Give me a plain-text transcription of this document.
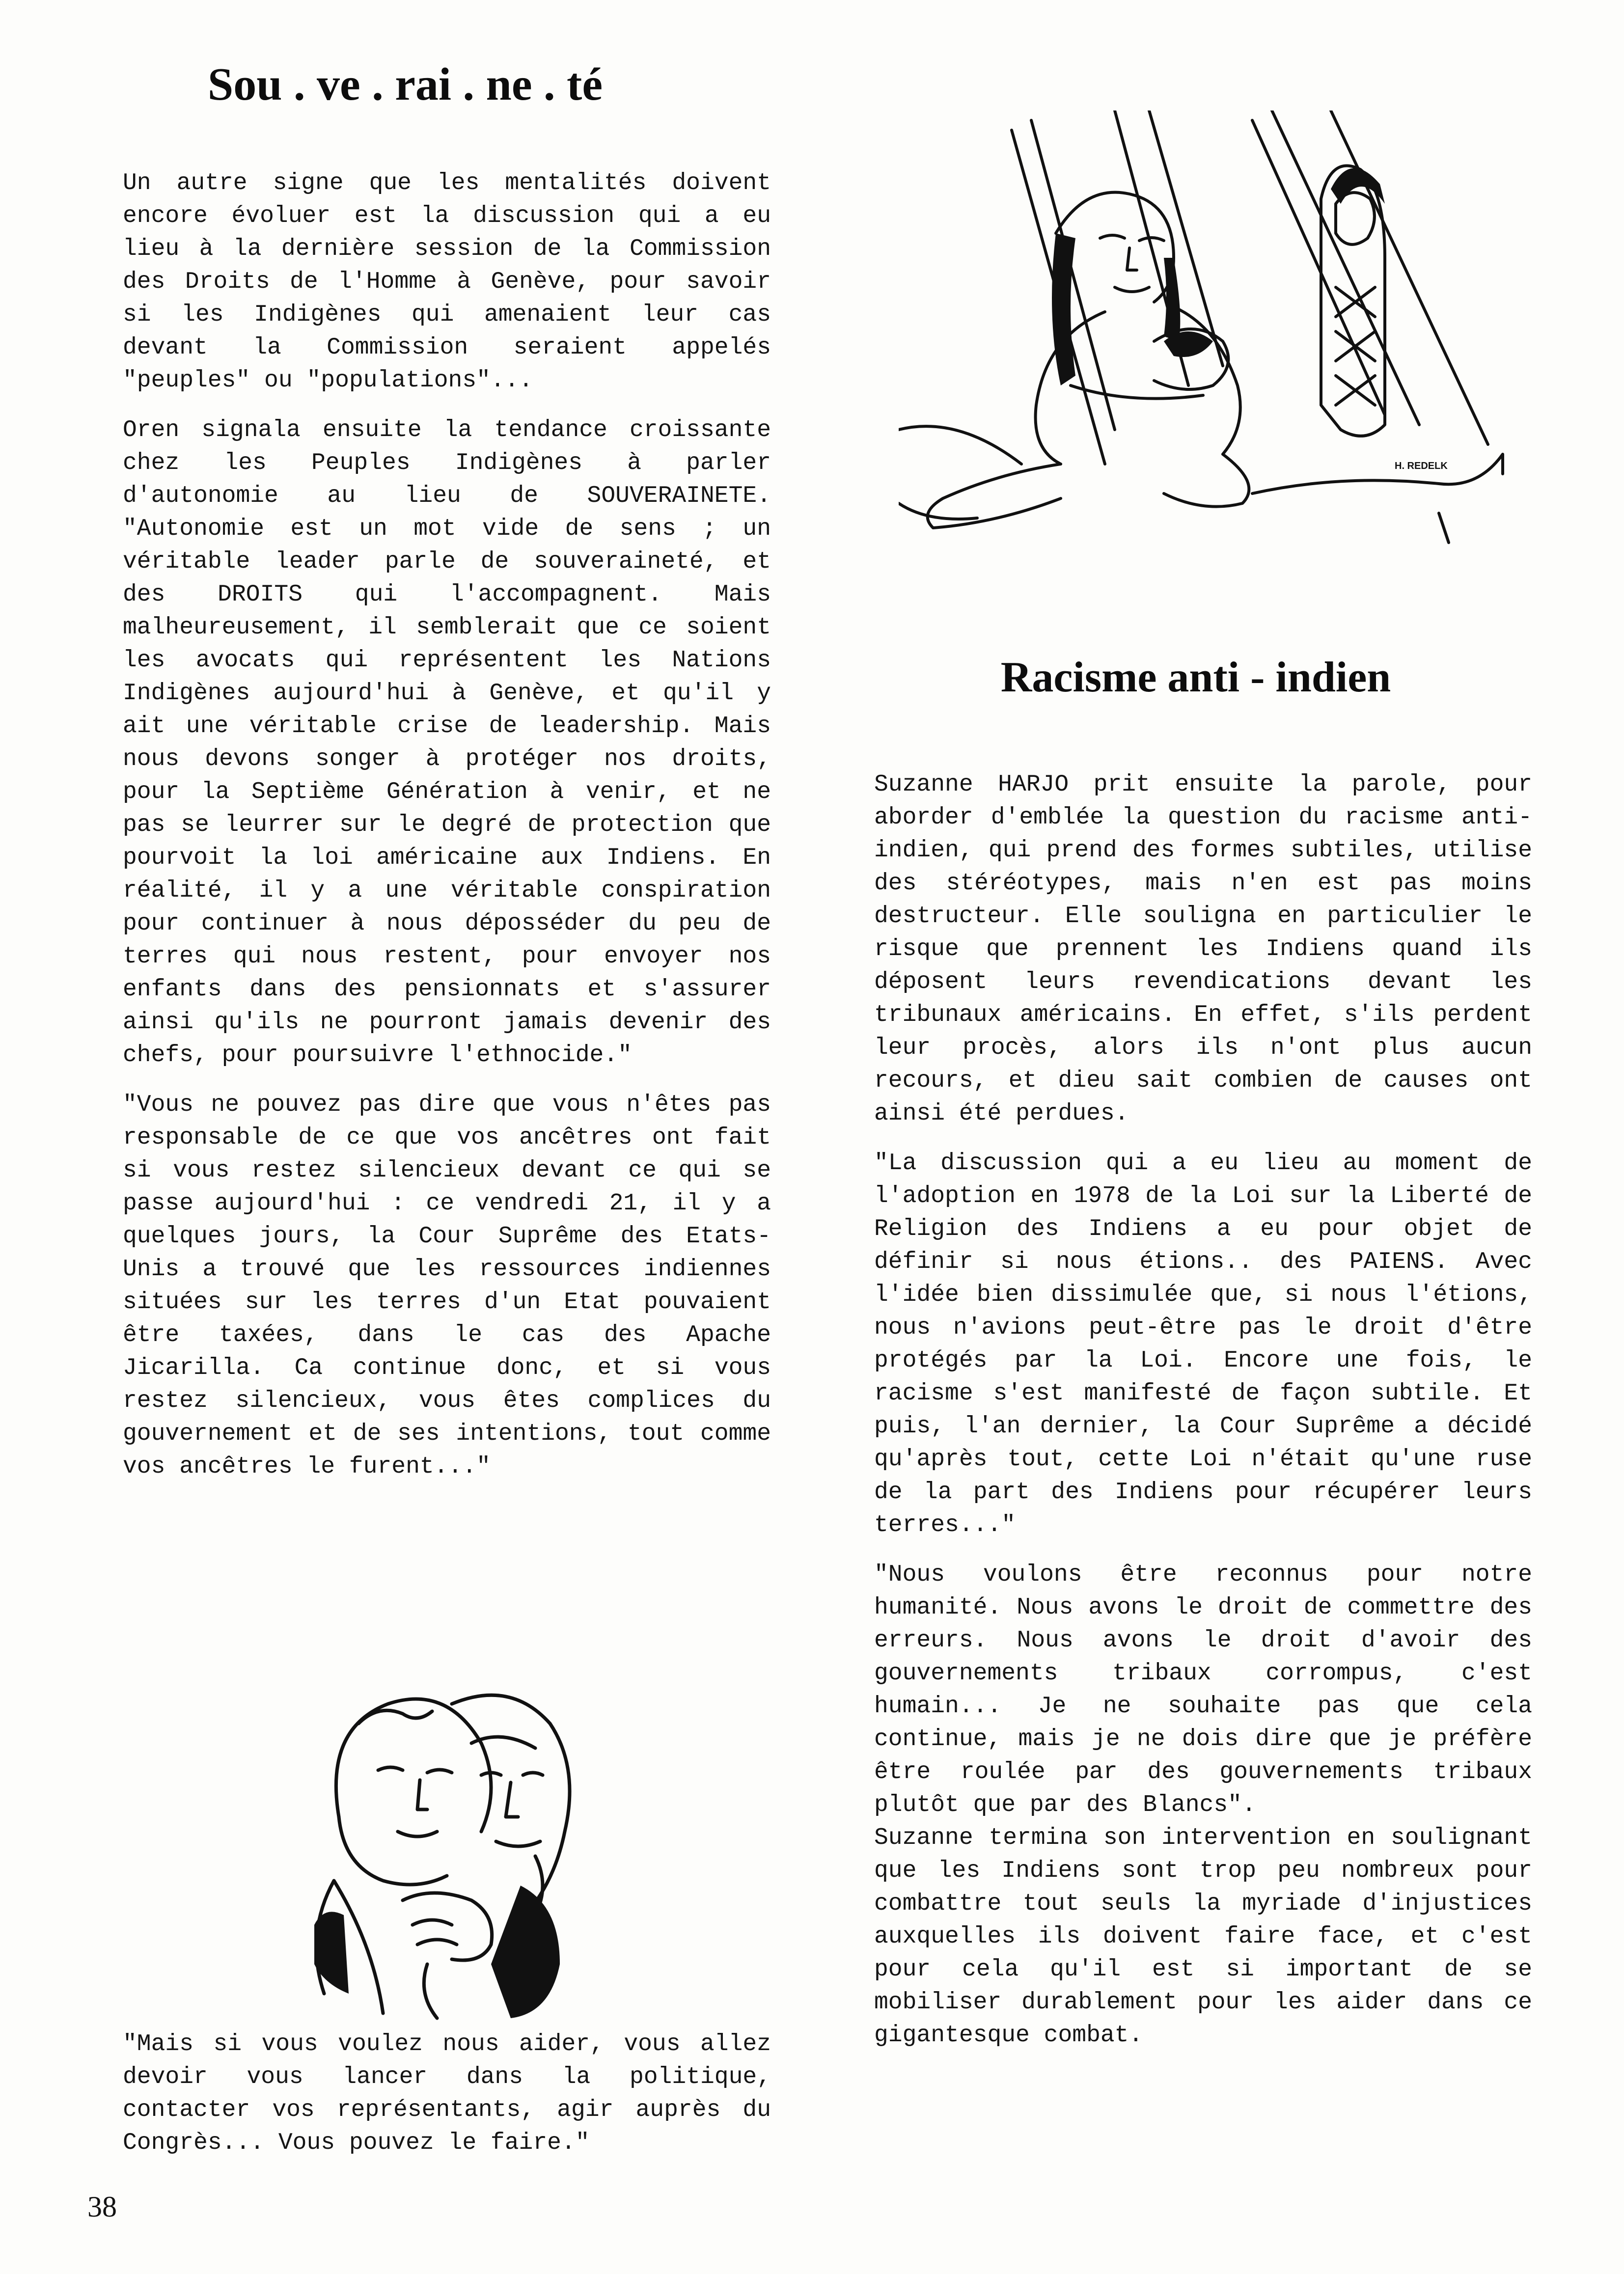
Sou . ve . rai . ne . té

Un autre signe que les mentalités doivent encore évoluer est la discussion qui a eu lieu à la dernière session de la Commission des Droits de l'Homme à Genève, pour savoir si les Indigènes qui amenaient leur cas devant la Commission seraient appelés "peuples" ou "populations"...

Oren signala ensuite la tendance croissante chez les Peuples Indigènes à parler d'autonomie au lieu de SOUVERAINETE. "Autonomie est un mot vide de sens ; un véritable leader parle de souveraineté, et des DROITS qui l'accompagnent. Mais malheureusement, il semblerait que ce soient les avocats qui représentent les Nations Indigènes aujourd'hui à Genève, et qu'il y ait une véritable crise de leadership. Mais nous devons songer à protéger nos droits, pour la Septième Génération à venir, et ne pas se leurrer sur le degré de protection que pourvoit la loi américaine aux Indiens. En réalité, il y a une véritable conspiration pour continuer à nous déposséder du peu de terres qui nous restent, pour envoyer nos enfants dans des pensionnats et s'assurer ainsi qu'ils ne pourront jamais devenir des chefs, pour poursuivre l'ethnocide."

"Vous ne pouvez pas dire que vous n'êtes pas responsable de ce que vos ancêtres ont fait si vous restez silencieux devant ce qui se passe aujourd'hui : ce vendredi 21, il y a quelques jours, la Cour Suprême des Etats-Unis a trouvé que les ressources indiennes situées sur les terres d'un Etat pouvaient être taxées, dans le cas des Apache Jicarilla. Ca continue donc, et si vous restez silencieux, vous êtes complices du gouvernement et de ses intentions, tout comme vos ancêtres le furent..."

"Mais si vous voulez nous aider, vous allez devoir vous lancer dans la politique, contacter vos représentants, agir auprès du Congrès... Vous pouvez le faire."

38
H. REDELK
Racisme anti - indien

Suzanne HARJO prit ensuite la parole, pour aborder d'emblée la question du racisme anti-indien, qui prend des formes subtiles, utilise des stéréotypes, mais n'en est pas moins destructeur. Elle souligna en particulier le risque que prennent les Indiens quand ils déposent leurs revendications devant les tribunaux américains. En effet, s'ils perdent leur procès, alors ils n'ont plus aucun recours, et dieu sait combien de causes ont ainsi été perdues.

"La discussion qui a eu lieu au moment de l'adoption en 1978 de la Loi sur la Liberté de Religion des Indiens a eu pour objet de définir si nous étions.. des PAIENS. Avec l'idée bien dissimulée que, si nous l'étions, nous n'avions peut-être pas le droit d'être protégés par la Loi. Encore une fois, le racisme s'est manifesté de façon subtile. Et puis, l'an dernier, la Cour Suprême a décidé qu'après tout, cette Loi n'était qu'une ruse de la part des Indiens pour récupérer leurs terres..."

"Nous voulons être reconnus pour notre humanité. Nous avons le droit de commettre des erreurs. Nous avons le droit d'avoir des gouvernements tribaux corrompus, c'est humain... Je ne souhaite pas que cela continue, mais je ne dois dire que je préfère être roulée par des gouvernements tribaux plutôt que par des Blancs".

Suzanne termina son intervention en soulignant que les Indiens sont trop peu nombreux pour combattre tout seuls la myriade d'injustices auxquelles ils doivent faire face, et c'est pour cela qu'il est si important de se mobiliser durablement pour les aider dans ce gigantesque combat.
